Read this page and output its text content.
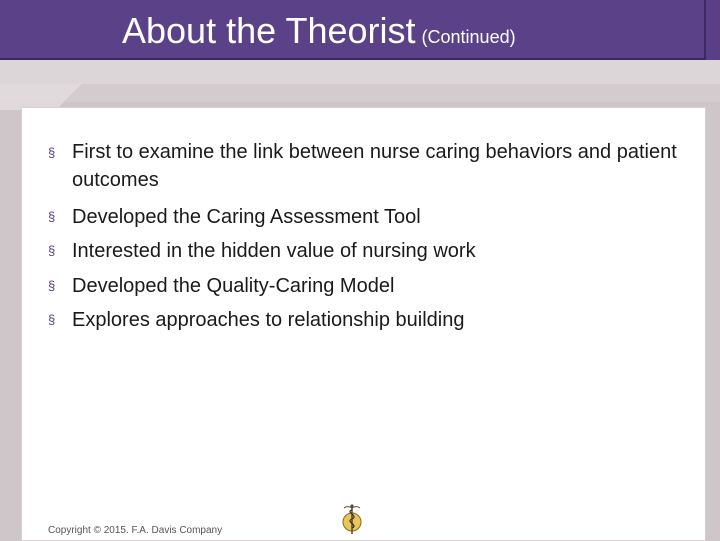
About the Theorist (Continued)
§ First to examine the link between nurse caring behaviors and patient outcomes
§ Developed the Caring Assessment Tool
§ Interested in the hidden value of nursing work
§ Developed the Quality-Caring Model
§ Explores approaches to relationship building
Copyright © 2015. F.A. Davis Company
